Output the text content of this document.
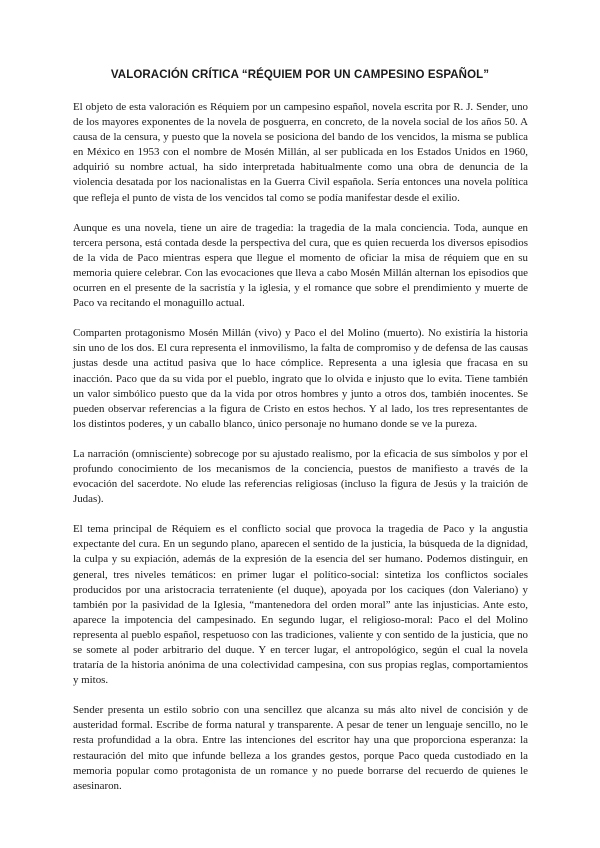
VALORACIÓN CRÍTICA “RÉQUIEM POR UN CAMPESINO ESPAÑOL”

El objeto de esta valoración es Réquiem por un campesino español, novela escrita por R. J. Sender, uno de los mayores exponentes de la novela de posguerra, en concreto, de la novela social de los años 50. A causa de la censura, y puesto que la novela se posiciona del bando de los vencidos, la misma se publica en México en 1953 con el nombre de Mosén Millán, al ser publicada en los Estados Unidos en 1960, adquirió su nombre actual, ha sido interpretada habitualmente como una obra de denuncia de la violencia desatada por los nacionalistas en la Guerra Civil española. Sería entonces una novela política que refleja el punto de vista de los vencidos tal como se podía manifestar desde el exilio.

Aunque es una novela, tiene un aire de tragedia: la tragedia de la mala conciencia. Toda, aunque en tercera persona, está contada desde la perspectiva del cura, que es quien recuerda los diversos episodios de la vida de Paco mientras espera que llegue el momento de oficiar la misa de réquiem que en su memoria quiere celebrar. Con las evocaciones que lleva a cabo Mosén Millán alternan los episodios que ocurren en el presente de la sacristía y la iglesia, y el romance que sobre el prendimiento y muerte de Paco va recitando el monaguillo actual.

Comparten protagonismo Mosén Millán (vivo) y Paco el del Molino (muerto). No existiría la historia sin uno de los dos. El cura representa el inmovilismo, la falta de compromiso y de defensa de las causas justas desde una actitud pasiva que lo hace cómplice. Representa a una iglesia que fracasa en su inacción. Paco que da su vida por el pueblo, ingrato que lo olvida e injusto que lo evita. Tiene también un valor simbólico puesto que da la vida por otros hombres y junto a otros dos, también inocentes. Se pueden observar referencias a la figura de Cristo en estos hechos. Y al lado, los tres representantes de los distintos poderes, y un caballo blanco, único personaje no humano donde se ve la pureza.

La narración (omnisciente) sobrecoge por su ajustado realismo, por la eficacia de sus símbolos y por el profundo conocimiento de los mecanismos de la conciencia, puestos de manifiesto a través de la evocación del sacerdote. No elude las referencias religiosas (incluso la figura de Jesús y la traición de Judas).

El tema principal de Réquiem es el conflicto social que provoca la tragedia de Paco y la angustia expectante del cura. En un segundo plano, aparecen el sentido de la justicia, la búsqueda de la dignidad, la culpa y su expiación, además de la expresión de la esencia del ser humano. Podemos distinguir, en general, tres niveles temáticos: en primer lugar el político-social: sintetiza los conflictos sociales producidos por una aristocracia terrateniente (el duque), apoyada por los caciques (don Valeriano) y también por la pasividad de la Iglesia, “mantenedora del orden moral” ante las injusticias. Ante esto, aparece la impotencia del campesinado. En segundo lugar, el religioso-moral: Paco el del Molino representa al pueblo español, respetuoso con las tradiciones, valiente y con sentido de la justicia, que no se somete al poder arbitrario del duque. Y en tercer lugar, el antropológico, según el cual la novela trataría de la historia anónima de una colectividad campesina, con sus propias reglas, comportamientos y mitos.

Sender presenta un estilo sobrio con una sencillez que alcanza su más alto nivel de concisión y de austeridad formal. Escribe de forma natural y transparente. A pesar de tener un lenguaje sencillo, no le resta profundidad a la obra. Entre las intenciones del escritor hay una que proporciona esperanza: la restauración del mito que infunde belleza a los grandes gestos, porque Paco queda custodiado en la memoria popular como protagonista de un romance y no puede borrarse del recuerdo de quienes le asesinaron.
